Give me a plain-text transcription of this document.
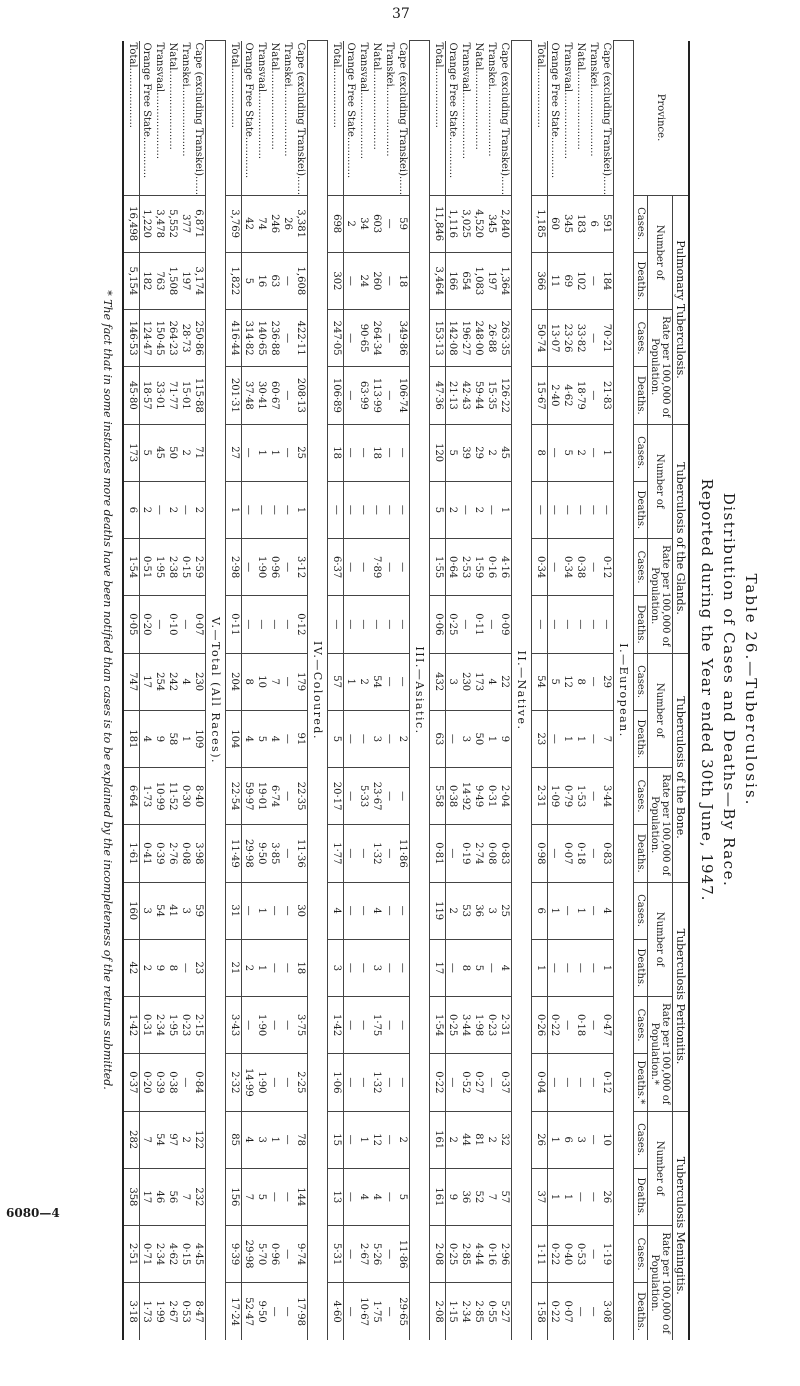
37
6080—4
Table 26.—Tuberculosis.
Distribution of Cases and Deaths—By Race.
Reported during the Year ended 30th June, 1947.
Province.	Pulmonary Tuberculosis.				Tuberculosis of the Glands.				Tuberculosis of the Bone.				Tuberculosis Peritonitis.				Tuberculosis Meningitis.			
	Number of		Rate per 100,000 of Population.		Number of		Rate per 100,000 of Population.		Number of		Rate per 100,000 of Population.		Number of		Rate per 100,000 of Population.*		Number of		Rate per 100,000 of Population.	
	Cases.	Deaths.	Cases.	Deaths.	Cases.	Deaths.	Cases.	Deaths.	Cases.	Deaths.	Cases.	Deaths.	Cases.	Deaths.	Cases.	Deaths.*	Cases.	Deaths.	Cases.	Deaths.
I.—European.																				
Cape (excluding Transkei)......	591	184	70·21	21·83	1	—	0·12	—	29	7	3·44	0·83	4	1	0·47	0·12	10	26	1·19	3·08
Transkei......................	6	—	—	—	—	—	—	—	—	—	—	—	—	—	—	—	—	—	—	—
Natal.........................	183	102	33·82	18·79	2	—	0·38	—	8	1	1·53	0·18	1	—	0·18	—	3	—	0·53	—
Transvaal.....................	345	69	23·26	4·62	5	—	0·34	—	12	1	0·79	0·07	—	—	—	—	6	1	0·40	0·07
Orange Free State.............	60	11	13·07	2·40	—	—	—	—	5	—	1·09	—	1	—	0·22	—	1	1	0·22	0·22
Total...................	1,185	366	50·74	15·67	8	—	0·34	—	54	23	2·31	0·98	6	1	0·26	0·04	26	37	1·11	1·58
II.—Native.																				
Cape (excluding Transkei)......	2,840	1,364	263·35	126·22	45	1	4·16	0·09	22	9	2·04	0·83	25	4	2·31	0·37	32	57	2·96	5·27
Transkei......................	345	197	26·88	15·35	2	—	0·16	—	4	1	0·31	0·08	3	—	0·23	—	2	7	0·16	0·55
Natal.........................	4,520	1,083	248·00	59·44	29	2	1·59	0·11	173	50	9·49	2·74	36	5	1·98	0·27	81	52	4·44	2·85
Transvaal.....................	3,025	654	196·27	42·43	39	—	2·53	—	230	3	14·92	0·19	53	8	3·44	0·52	44	36	2·85	2·34
Orange Free State.............	1,116	166	142·08	21·13	5	2	0·64	0·25	3	—	0·38	—	2	—	0·25	—	2	9	0·25	1·15
Total...................	11,846	3,464	153·13	47·36	120	5	1·55	0·06	432	63	5·58	0·81	119	17	1·54	0·22	161	161	2·08	2·08
III.—Asiatic.																				
Cape (excluding Transkei)......	59	18	349·86	106·74	—	—	—	—	—	2	—	11·86	—	—	—	—	2	5	11·86	29·65
Transkei......................	—	—	—	—	—	—	—	—	—	—	—	—	—	—	—	—	—	—	—	—
Natal.........................	603	260	264·34	113·99	18	—	7·89	—	54	3	23·67	1·32	4	3	1·75	1·32	12	4	5·26	1·75
Transvaal.....................	34	24	90·65	63·99	—	—	—	—	2	—	5·33	—	—	—	—	—	1	4	2·67	10·67
Orange Free State.............	2	—	—	—	—	—	—	—	1	—	—	—	—	—	—	—	—	—	—	—
Total...................	698	302	247·05	106·89	18	—	6·37	—	57	5	20·17	1·77	4	3	1·42	1·06	15	13	5·31	4·60
IV.—Coloured.																				
Cape (excluding Transkei)......	3,381	1,608	422·11	208·13	25	1	3·12	0·12	179	91	22·35	11·36	30	18	3·75	2·25	78	144	9·74	17·98
Transkei......................	26	—	—	—	—	—	—	—	—	—	—	—	—	—	—	—	—	—	—	—
Natal.........................	246	63	236·88	60·67	1	—	0·96	—	7	4	6·74	3·85	—	—	—	—	1	—	0·96	—
Transvaal.....................	74	16	140·65	30·41	1	—	1·90	—	10	5	19·01	9·50	1	1	1·90	1·90	3	5	5·70	9·50
Orange Free State.............	42	5	314·82	37·48	—	—	—	—	8	4	59·97	29·98	—	2	—	14·99	4	7	29·98	52·47
Total...................	3,769	1,822	416·44	201·31	27	1	2·98	0·11	204	104	22·54	11·49	31	21	3·43	2·32	85	156	9·39	17·24
V.—Total (All Races).																				
Cape (excluding Transkei)......	6,871	3,174	250·86	115·88	71	2	2·59	0·07	230	109	8·40	3·98	59	23	2·15	0·84	122	232	4·45	8·47
Transkei......................	377	197	28·73	15·01	2	—	0·15	—	4	1	0·30	0·08	3	—	0·23	—	2	7	0·15	0·53
Natal.........................	5,552	1,508	264·23	71·77	50	2	2·38	0·10	242	58	11·52	2·76	41	8	1·95	0·38	97	56	4·62	2·67
Transvaal.....................	3,478	763	150·45	33·01	45	—	1·95	—	254	9	10·99	0·39	54	9	2·34	0·39	54	46	2·34	1·99
Orange Free State.............	1,220	182	124·47	18·57	5	2	0·51	0·20	17	4	1·73	0·41	3	2	0·31	0·20	7	17	0·71	1·73
Total...................	16,498	5,154	146·53	45·80	173	6	1·54	0·05	747	181	6·64	1·61	160	42	1·42	0·37	282	358	2·51	3·18
* The fact that in some instances more deaths have been notified than cases is to be explained by the incompleteness of the returns submitted.
